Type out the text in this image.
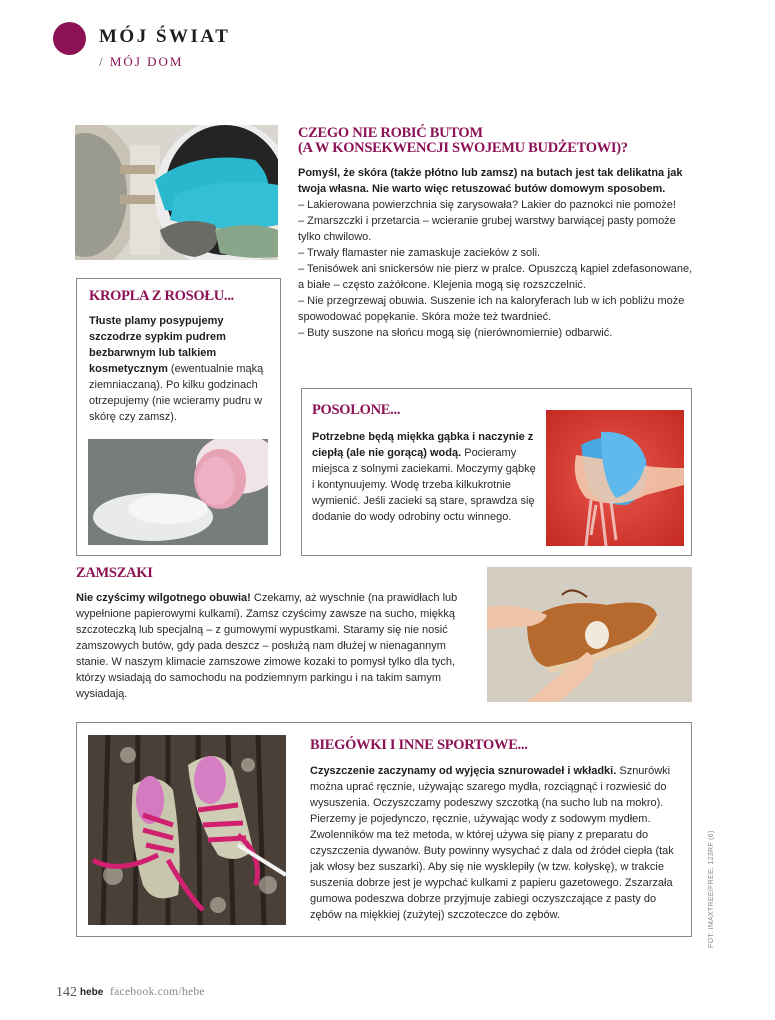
MÓJ ŚWIAT
/ MÓJ DOM
CZEGO NIE ROBIĆ BUTOM
(A W KONSEKWENCJI SWOJEMU BUDŻETOWI)?
Pomyśl, że skóra (także płótno lub zamsz) na butach jest tak delikatna jak twoja własna. Nie warto więc retuszować butów domowym sposobem.
– Lakierowana powierzchnia się zarysowała? Lakier do paznokci nie pomoże!
– Zmarszczki i przetarcia – wcieranie grubej warstwy barwiącej pasty pomoże tylko chwilowo.
– Trwały flamaster nie zamaskuje zacieków z soli.
– Tenisówek ani snickersów nie pierz w pralce. Opuszczą kąpiel zdefasonowane, a białe – często zażółcone. Klejenia mogą się rozszczelnić.
– Nie przegrzewaj obuwia. Suszenie ich na kaloryferach lub w ich pobliżu może spowodować popękanie. Skóra może też twardnieć.
– Buty suszone na słońcu mogą się (nierównomiernie) odbarwić.
KROPLA Z ROSOŁU...
Tłuste plamy posypujemy szczodrze sypkim pudrem bezbarwnym lub talkiem kosmetycznym (ewentualnie mąką ziemniaczaną). Po kilku godzinach otrzepujemy (nie wcieramy pudru w skórę czy zamsz).	POSOLONE...
Potrzebne będą miękka gąbka i naczynie z ciepłą (ale nie gorącą) wodą. Pocieramy miejsca z solnymi zaciekami. Moczymy gąbkę i kontynuujemy. Wodę trzeba kilkukrotnie wymienić. Jeśli zacieki są stare, sprawdza się dodanie do wody odrobiny octu winnego.
ZAMSZAKI
Nie czyścimy wilgotnego obuwia! Czekamy, aż wyschnie (na prawidłach lub wypełnione papierowymi kulkami). Zamsz czyścimy zawsze na sucho, miękką szczoteczką lub specjalną – z gumowymi wypustkami. Staramy się nie nosić zamszowych butów, gdy pada deszcz – posłużą nam dłużej w nienagannym stanie. W naszym klimacie zamszowe zimowe kozaki to pomysł tylko dla tych, którzy wsiadają do samochodu na podziemnym parkingu i na takim samym wysiadają.
BIEGÓWKI I INNE SPORTOWE...
Czyszczenie zaczynamy od wyjęcia sznurowadeł i wkładki. Sznurówki można uprać ręcznie, używając szarego mydła, rozciągnąć i rozwiesić do wysuszenia. Oczyszczamy podeszwy szczotką (na sucho lub na mokro). Pierzemy je pojedynczo, ręcznie, używając wody z sodowym mydłem. Zwolenników ma też metoda, w której używa się piany z preparatu do czyszczenia dywanów. Buty powinny wysychać z dala od źródeł ciepła (tak jak włosy bez suszarki). Aby się nie wysklepiły (w tzw. kołyskę), w trakcie suszenia dobrze jest je wypchać kulkami z papieru gazetowego. Zszarzała gumowa podeszwa dobrze przyjmuje zabiegi oczyszczające z pasty do zębów na miękkiej (zużytej) szczoteczce do zębów.	FOT. IMAXTREE/FREE, 123RF (6)
142 hebe facebook.com/hebe
